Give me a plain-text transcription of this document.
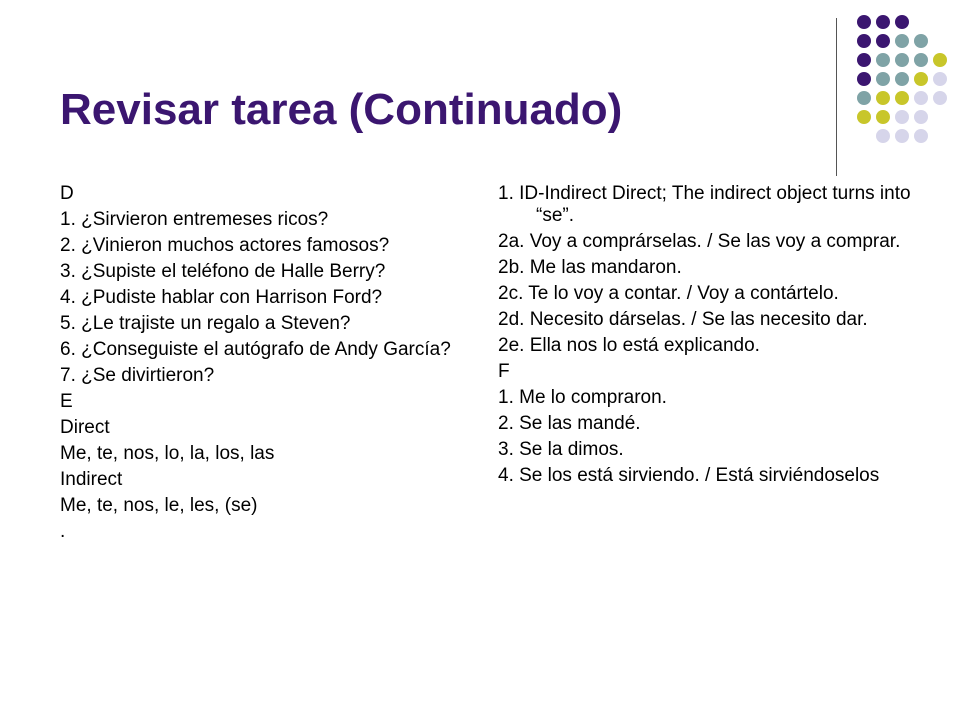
Revisar tarea (Continuado)

D

1. ¿Sirvieron entremeses ricos?

2. ¿Vinieron muchos actores famosos?

3. ¿Supiste el teléfono de Halle Berry?

4. ¿Pudiste hablar con Harrison Ford?

5. ¿Le trajiste un regalo a Steven?

6. ¿Conseguiste el autógrafo de Andy García?

7. ¿Se divirtieron?

E

Direct

Me, te, nos, lo, la, los, las

Indirect

Me, te, nos, le, les, (se)

.

1. ID-Indirect Direct; The indirect object turns into “se”.

2a. Voy a comprárselas. / Se las voy a comprar.

2b. Me las mandaron.

2c. Te lo voy a contar. / Voy a contártelo.

2d. Necesito dárselas. / Se las necesito dar.

2e. Ella nos lo está explicando.

F

1. Me lo compraron.

2. Se las mandé.

3. Se la dimos.

4. Se los está sirviendo. / Está sirviéndoselos
